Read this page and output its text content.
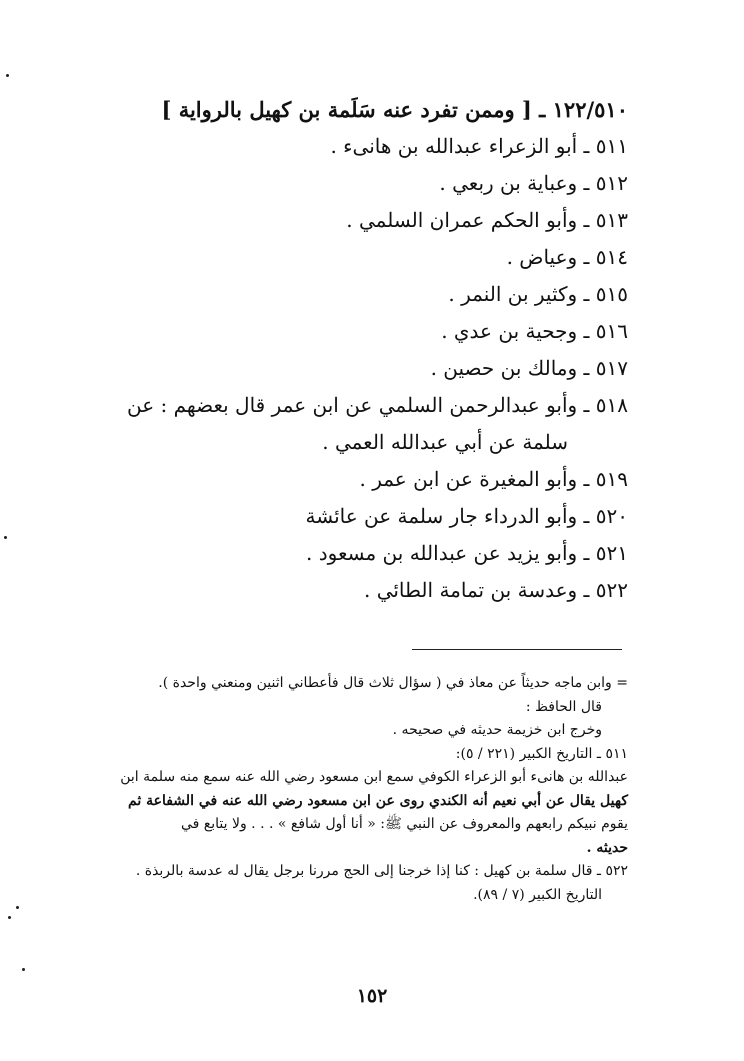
١٢٢/٥١٠ ـ [ وممن تفرد عنه سَلَمة بن كهيل بالرواية ]
٥١١ ـ أبو الزعراء عبدالله بن هانىء .
٥١٢ ـ وعباية بن ربعي .
٥١٣ ـ وأبو الحكم عمران السلمي .
٥١٤ ـ وعياض .
٥١٥ ـ وكثير بن النمر .
٥١٦ ـ وجحية بن عدي .
٥١٧ ـ ومالك بن حصين .
٥١٨ ـ وأبو عبدالرحمن السلمي عن ابن عمر قال بعضهم : عن
سلمة عن أبي عبدالله العمي .
٥١٩ ـ وأبو المغيرة عن ابن عمر .
٥٢٠ ـ وأبو الدرداء جار سلمة عن عائشة
٥٢١ ـ وأبو يزيد عن عبدالله بن مسعود .
٥٢٢ ـ وعدسة بن تمامة الطائي .
= وابن ماجه حديثاً عن معاذ في ( سؤال ثلاث قال فأعطاني اثنين ومنعني واحدة ).
قال الحافظ :
وخرج ابن خزيمة حديثه في صحيحه .
٥١١ ـ التاريخ الكبير (٢٢١ / ٥):
عبدالله بن هانىء أبو الزعراء الكوفي سمع ابن مسعود رضي الله عنه سمع منه سلمة ابن
كهيل يقال عن أبي نعيم أنه الكندي روى عن ابن مسعود رضي الله عنه في الشفاعة ثم
يقوم نبيكم رابعهم والمعروف عن النبي ﷺ: « أنا أول شافع » . . . ولا يتابع في
حديثه .
٥٢٢ ـ قال سلمة بن كهيل : كنا إذا خرجنا إلى الحج مررنا برجل يقال له عدسة بالربذة .
التاريخ الكبير (٧ / ٨٩).
١٥٢
